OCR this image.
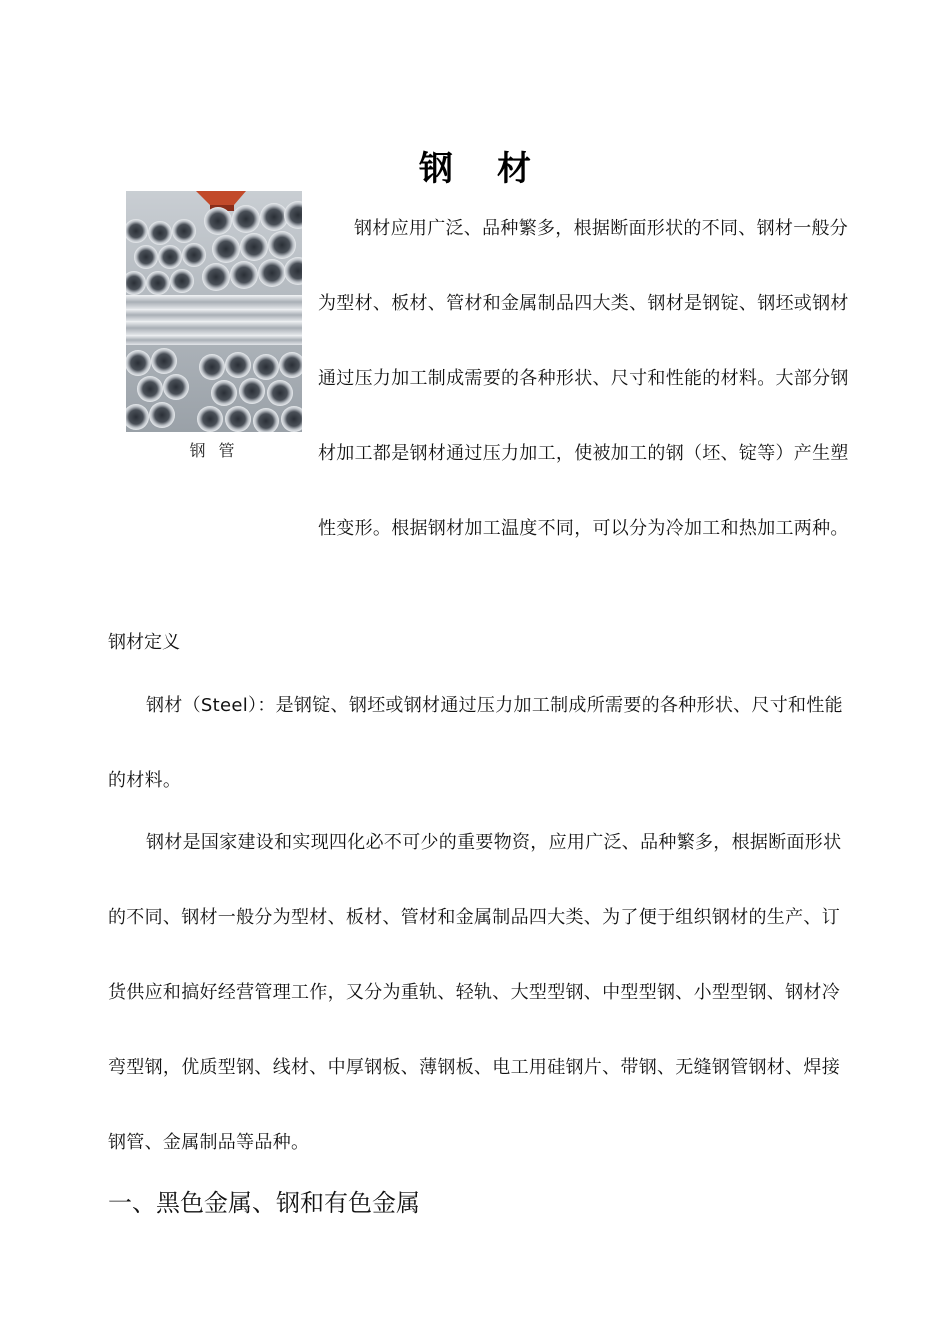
钢材
钢 管

钢材应用广泛、品种繁多，根据断面形状的不同、钢材一般分为型材、板材、管材和金属制品四大类、钢材是钢锭、钢坯或钢材通过压力加工制成需要的各种形状、尺寸和性能的材料。大部分钢材加工都是钢材通过压力加工，使被加工的钢（坯、锭等）产生塑性变形。根据钢材加工温度不同，可以分为冷加工和热加工两种。

钢材定义

钢材（Steel）：是钢锭、钢坯或钢材通过压力加工制成所需要的各种形状、尺寸和性能的材料。

钢材是国家建设和实现四化必不可少的重要物资，应用广泛、品种繁多，根据断面形状的不同、钢材一般分为型材、板材、管材和金属制品四大类、为了便于组织钢材的生产、订货供应和搞好经营管理工作，又分为重轨、轻轨、大型型钢、中型型钢、小型型钢、钢材冷弯型钢，优质型钢、线材、中厚钢板、薄钢板、电工用硅钢片、带钢、无缝钢管钢材、焊接钢管、金属制品等品种。

一、黑色金属、钢和有色金属
